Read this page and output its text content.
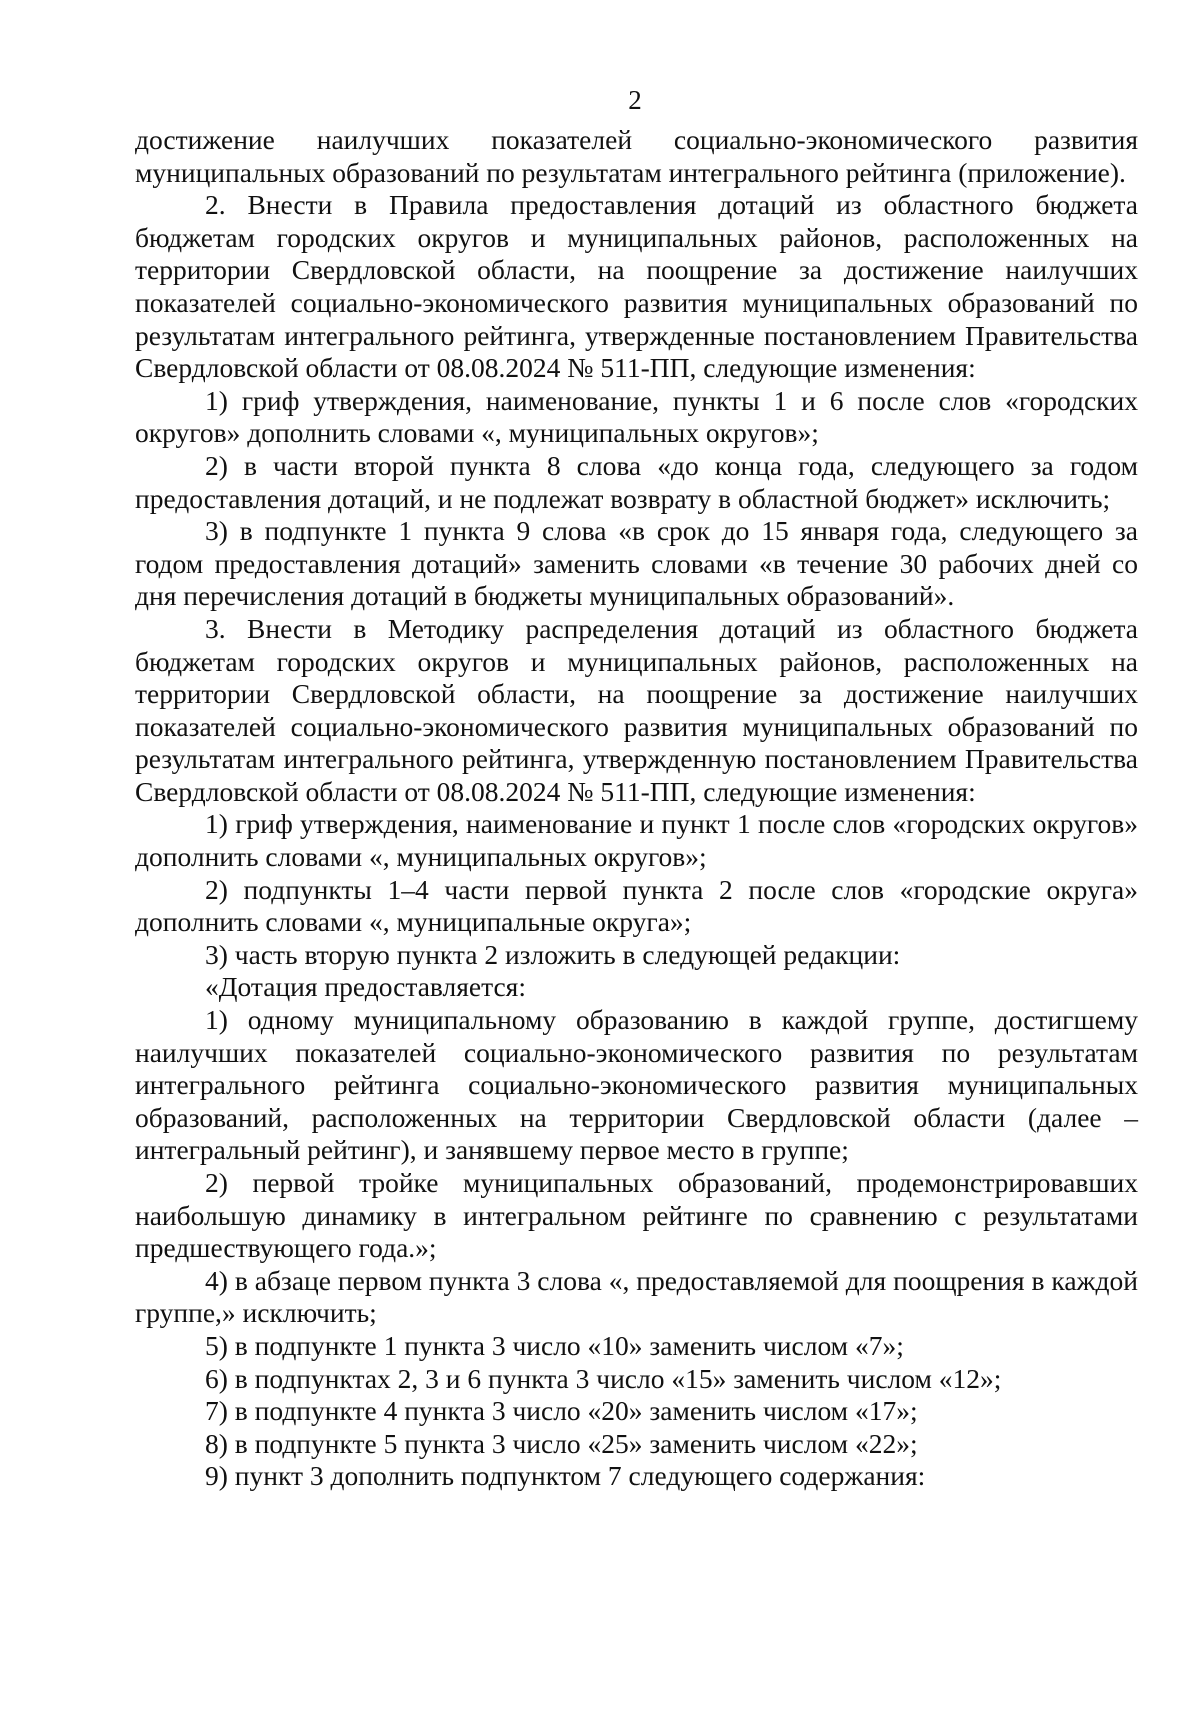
2

достижение наилучших показателей социально-экономического развития муниципальных образований по результатам интегрального рейтинга (приложение).

2. Внести в Правила предоставления дотаций из областного бюджета бюджетам городских округов и муниципальных районов, расположенных на территории Свердловской области, на поощрение за достижение наилучших показателей социально-экономического развития муниципальных образований по результатам интегрального рейтинга, утвержденные постановлением Правительства Свердловской области от 08.08.2024 № 511-ПП, следующие изменения:

1) гриф утверждения, наименование, пункты 1 и 6 после слов «городских округов» дополнить словами «, муниципальных округов»;

2) в части второй пункта 8 слова «до конца года, следующего за годом предоставления дотаций, и не подлежат возврату в областной бюджет» исключить;

3) в подпункте 1 пункта 9 слова «в срок до 15 января года, следующего за годом предоставления дотаций» заменить словами «в течение 30 рабочих дней со дня перечисления дотаций в бюджеты муниципальных образований».

3. Внести в Методику распределения дотаций из областного бюджета бюджетам городских округов и муниципальных районов, расположенных на территории Свердловской области, на поощрение за достижение наилучших показателей социально-экономического развития муниципальных образований по результатам интегрального рейтинга, утвержденную постановлением Правительства Свердловской области от 08.08.2024 № 511-ПП, следующие изменения:

1) гриф утверждения, наименование и пункт 1 после слов «городских округов» дополнить словами «, муниципальных округов»;

2) подпункты 1–4 части первой пункта 2 после слов «городские округа» дополнить словами «, муниципальные округа»;

3) часть вторую пункта 2 изложить в следующей редакции:

«Дотация предоставляется:

1) одному муниципальному образованию в каждой группе, достигшему наилучших показателей социально-экономического развития по результатам интегрального рейтинга социально-экономического развития муниципальных образований, расположенных на территории Свердловской области (далее – интегральный рейтинг), и занявшему первое место в группе;

2) первой тройке муниципальных образований, продемонстрировавших наибольшую динамику в интегральном рейтинге по сравнению с результатами предшествующего года.»;

4) в абзаце первом пункта 3 слова «, предоставляемой для поощрения в каждой группе,» исключить;

5) в подпункте 1 пункта 3 число «10» заменить числом «7»;

6) в подпунктах 2, 3 и 6 пункта 3 число «15» заменить числом «12»;

7) в подпункте 4 пункта 3 число «20» заменить числом «17»;

8) в подпункте 5 пункта 3 число «25» заменить числом «22»;

9) пункт 3 дополнить подпунктом 7 следующего содержания:
